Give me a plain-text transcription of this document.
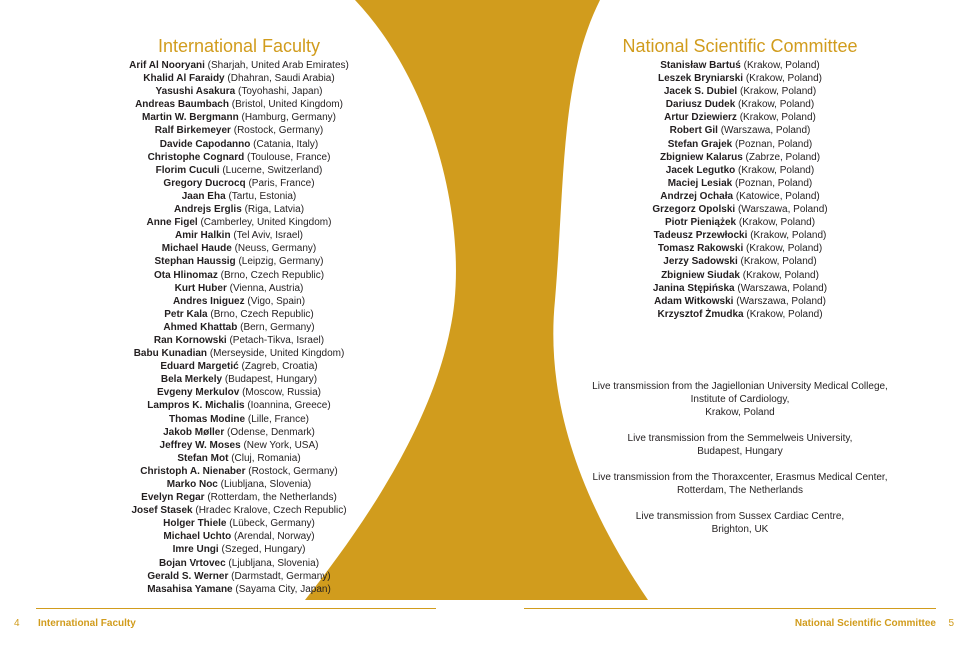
International Faculty
Arif Al Nooryani (Sharjah, United Arab Emirates)
Khalid Al Faraidy (Dhahran, Saudi Arabia)
Yasushi Asakura (Toyohashi, Japan)
Andreas Baumbach (Bristol, United Kingdom)
Martin W. Bergmann (Hamburg, Germany)
Ralf Birkemeyer (Rostock, Germany)
Davide Capodanno (Catania, Italy)
Christophe Cognard (Toulouse, France)
Florim Cuculi (Lucerne, Switzerland)
Gregory Ducrocq (Paris, France)
Jaan Eha (Tartu, Estonia)
Andrejs Erglis (Riga, Latvia)
Anne Figel (Camberley, United Kingdom)
Amir Halkin (Tel Aviv, Israel)
Michael Haude (Neuss, Germany)
Stephan Haussig (Leipzig, Germany)
Ota Hlinomaz (Brno, Czech Republic)
Kurt Huber (Vienna, Austria)
Andres Iniguez (Vigo, Spain)
Petr Kala (Brno, Czech Republic)
Ahmed Khattab (Bern, Germany)
Ran Kornowski (Petach-Tikva, Israel)
Babu Kunadian (Merseyside, United Kingdom)
Eduard Margetić (Zagreb, Croatia)
Bela Merkely (Budapest, Hungary)
Evgeny Merkulov (Moscow, Russia)
Lampros K. Michalis (Ioannina, Greece)
Thomas Modine (Lille, France)
Jakob Møller (Odense, Denmark)
Jeffrey W. Moses (New York, USA)
Stefan Mot (Cluj, Romania)
Christoph A. Nienaber (Rostock, Germany)
Marko Noc (Liubljana, Slovenia)
Evelyn Regar (Rotterdam, the Netherlands)
Josef Stasek (Hradec Kralove, Czech Republic)
Holger Thiele (Lübeck, Germany)
Michael Uchto (Arendal, Norway)
Imre Ungi (Szeged, Hungary)
Bojan Vrtovec (Ljubljana, Slovenia)
Gerald S. Werner (Darmstadt, Germany)
Masahisa Yamane (Sayama City, Japan)
National Scientific Committee
Stanisław Bartuś (Krakow, Poland)
Leszek Bryniarski (Krakow, Poland)
Jacek S. Dubiel (Krakow, Poland)
Dariusz Dudek (Krakow, Poland)
Artur Dziewierz (Krakow, Poland)
Robert Gil (Warszawa, Poland)
Stefan Grajek (Poznan, Poland)
Zbigniew Kalarus (Zabrze, Poland)
Jacek Legutko (Krakow, Poland)
Maciej Lesiak (Poznan, Poland)
Andrzej Ochała (Katowice, Poland)
Grzegorz Opolski (Warszawa, Poland)
Piotr Pieniążek (Krakow, Poland)
Tadeusz Przewłocki (Krakow, Poland)
Tomasz Rakowski (Krakow, Poland)
Jerzy Sadowski (Krakow, Poland)
Zbigniew Siudak (Krakow, Poland)
Janina Stępińska (Warszawa, Poland)
Adam Witkowski (Warszawa, Poland)
Krzysztof Żmudka (Krakow, Poland)
Live transmission from the Jagiellonian University Medical College,
Institute of Cardiology,
Krakow, Poland
Live transmission from the Semmelweis University,
Budapest, Hungary
Live transmission from the Thoraxcenter, Erasmus Medical Center,
Rotterdam, The Netherlands
Live transmission from Sussex Cardiac Centre,
Brighton, UK
4 International Faculty	National Scientific Committee 5
